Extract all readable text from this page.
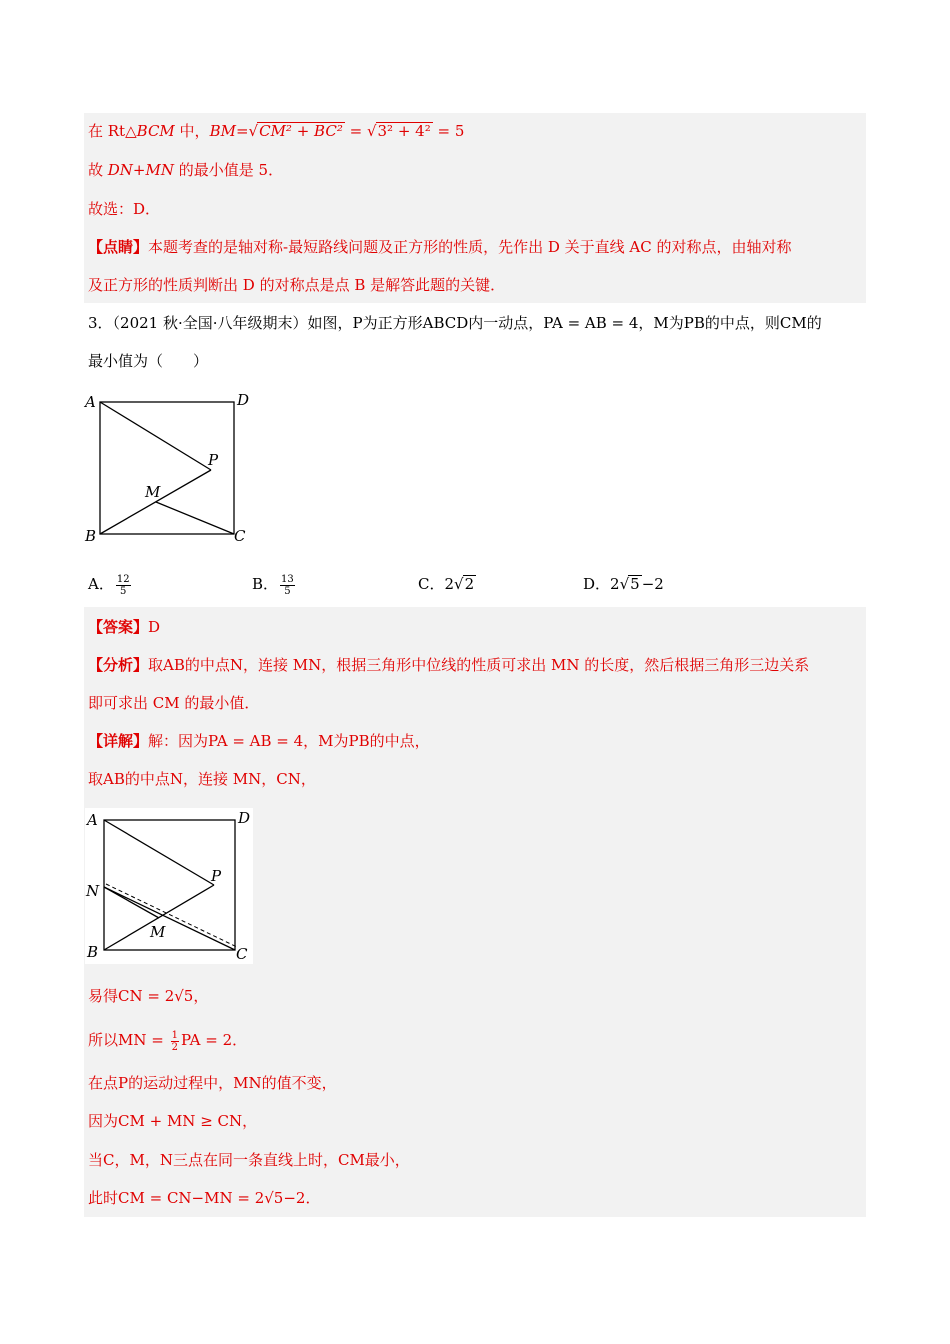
在 Rt△BCM 中，BM=√CM² + BC² = √3² + 4² = 5
故 DN+MN 的最小值是 5．
故选：D．
【点睛】本题考查的是轴对称-最短路线问题及正方形的性质，先作出 D 关于直线 AC 的对称点，由轴对称
及正方形的性质判断出 D 的对称点是点 B 是解答此题的关键．
3．（2021 秋·全国·八年级期末）如图，P为正方形ABCD内一动点，PA = AB = 4，M为PB的中点，则CM的
最小值为（　　）
A	D
B	C
P
M
A． $\frac{12}{5}$	B． $\frac{13}{5}$	C．2√2	D．2√5 −2
【答案】D
【分析】取AB的中点N，连接 MN，根据三角形中位线的性质可求出 MN 的长度，然后根据三角形三边关系
即可求出 CM 的最小值．
【详解】解：因为PA = AB = 4，M为PB的中点，
取AB的中点N，连接 MN，CN，
A	D
N
B	C
P
M
易得CN = 2√5，
所以MN = $\frac{1}{2}$ PA = 2．
在点P的运动过程中，MN的值不变，
因为CM + MN ≥ CN，
当C，M，N三点在同一条直线上时，CM最小，
此时CM = CN−MN = 2√5−2．
